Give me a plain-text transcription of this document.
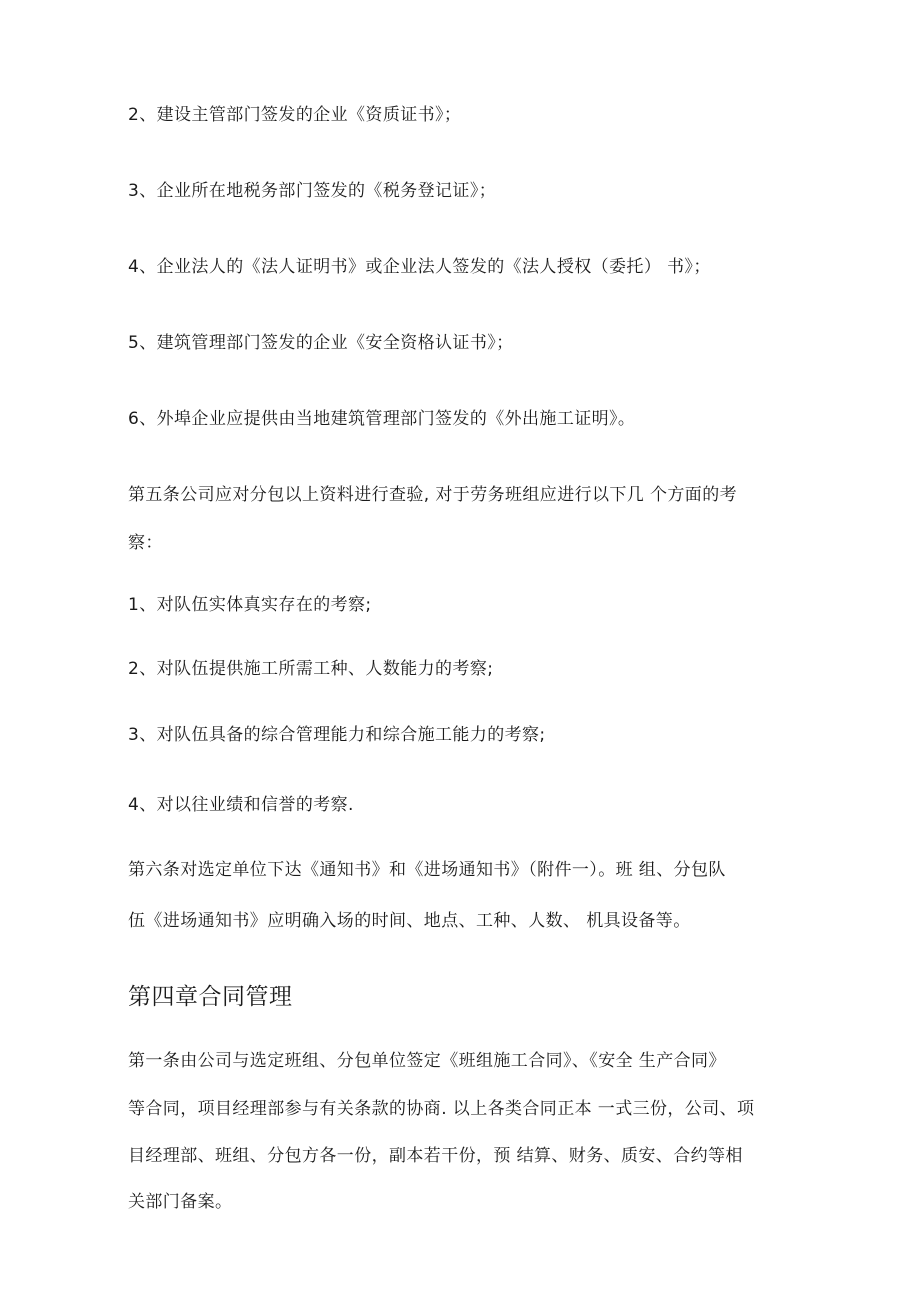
2、建设主管部门签发的企业《资质证书》；
3、企业所在地税务部门签发的《税务登记证》；
4、企业法人的《法人证明书》或企业法人签发的《法人授权（委托） 书》；
5、建筑管理部门签发的企业《安全资格认证书》；
6、外埠企业应提供由当地建筑管理部门签发的《外出施工证明》。
第五条公司应对分包以上资料进行查验, 对于劳务班组应进行以下几 个方面的考
察：
1、对队伍实体真实存在的考察;
2、对队伍提供施工所需工种、人数能力的考察;
3、对队伍具备的综合管理能力和综合施工能力的考察;
4、对以往业绩和信誉的考察.
第六条对选定单位下达《通知书》和《进场通知书》（附件一）。班 组、分包队
伍《进场通知书》应明确入场的时间、地点、工种、人数、 机具设备等。
第四章合同管理
第一条由公司与选定班组、分包单位签定《班组施工合同》、《安全 生产合同》
等合同，项目经理部参与有关条款的协商. 以上各类合同正本 一式三份，公司、项
目经理部、班组、分包方各一份，副本若干份，预 结算、财务、质安、合约等相
关部门备案。
